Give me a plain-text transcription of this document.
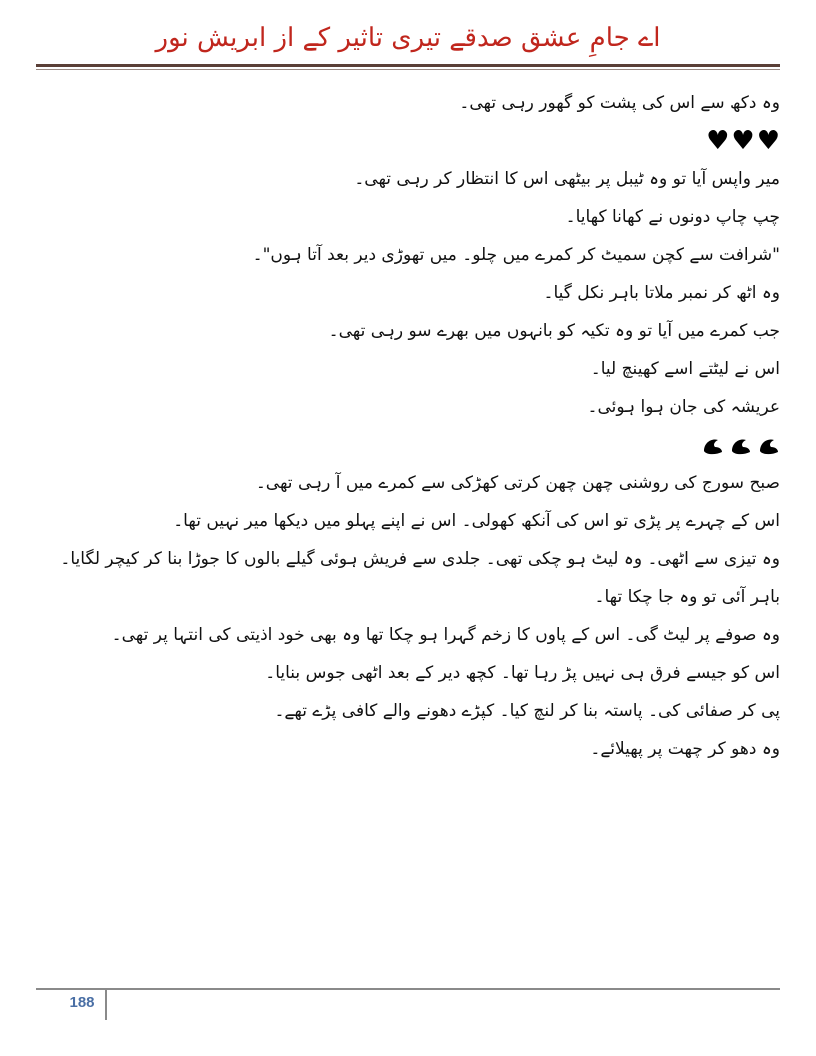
اے جامِ عشق صدقے تیری تاثیر کے از ابریش نور
وہ دکھ سے اس کی پشت کو گھور رہی تھی۔
♥♥♥
میر واپس آیا تو وہ ٹیبل پر بیٹھی اس کا انتظار کر رہی تھی۔
چپ چاپ دونوں نے کھانا کھایا۔
"شرافت سے کچن سمیٹ کر کمرے میں چلو۔ میں تھوڑی دیر بعد آتا ہوں"۔
وہ اٹھ کر نمبر ملاتا باہر نکل گیا۔
جب کمرے میں آیا تو وہ تکیہ کو بانہوں میں بھرے سو رہی تھی۔
اس نے لیٹتے اسے کھینچ لیا۔
عریشہ کی جان ہوا ہوئی۔
صبح سورج کی روشنی چھن چھن کرتی کھڑکی سے کمرے میں آ رہی تھی۔
اس کے چہرے پر پڑی تو اس کی آنکھ کھولی۔ اس نے اپنے پہلو میں دیکھا میر نہیں تھا۔
وہ تیزی سے اٹھی۔ وہ لیٹ ہو چکی تھی۔ جلدی سے فریش ہوئی گیلے بالوں کا جوڑا بنا کر کیچر لگایا۔
باہر آئی تو وہ جا چکا تھا۔
وہ صوفے پر لیٹ گی۔ اس کے پاوں کا زخم گہرا ہو چکا تھا وہ بھی خود اذیتی کی انتہا پر تھی۔
اس کو جیسے فرق ہی نہیں پڑ رہا تھا۔ کچھ دیر کے بعد اٹھی جوس بنایا۔
پی کر صفائی کی۔ پاستہ بنا کر لنچ کیا۔ کپڑے دھونے والے کافی پڑے تھے۔
وہ دھو کر چھت پر پھیلائے۔
188
